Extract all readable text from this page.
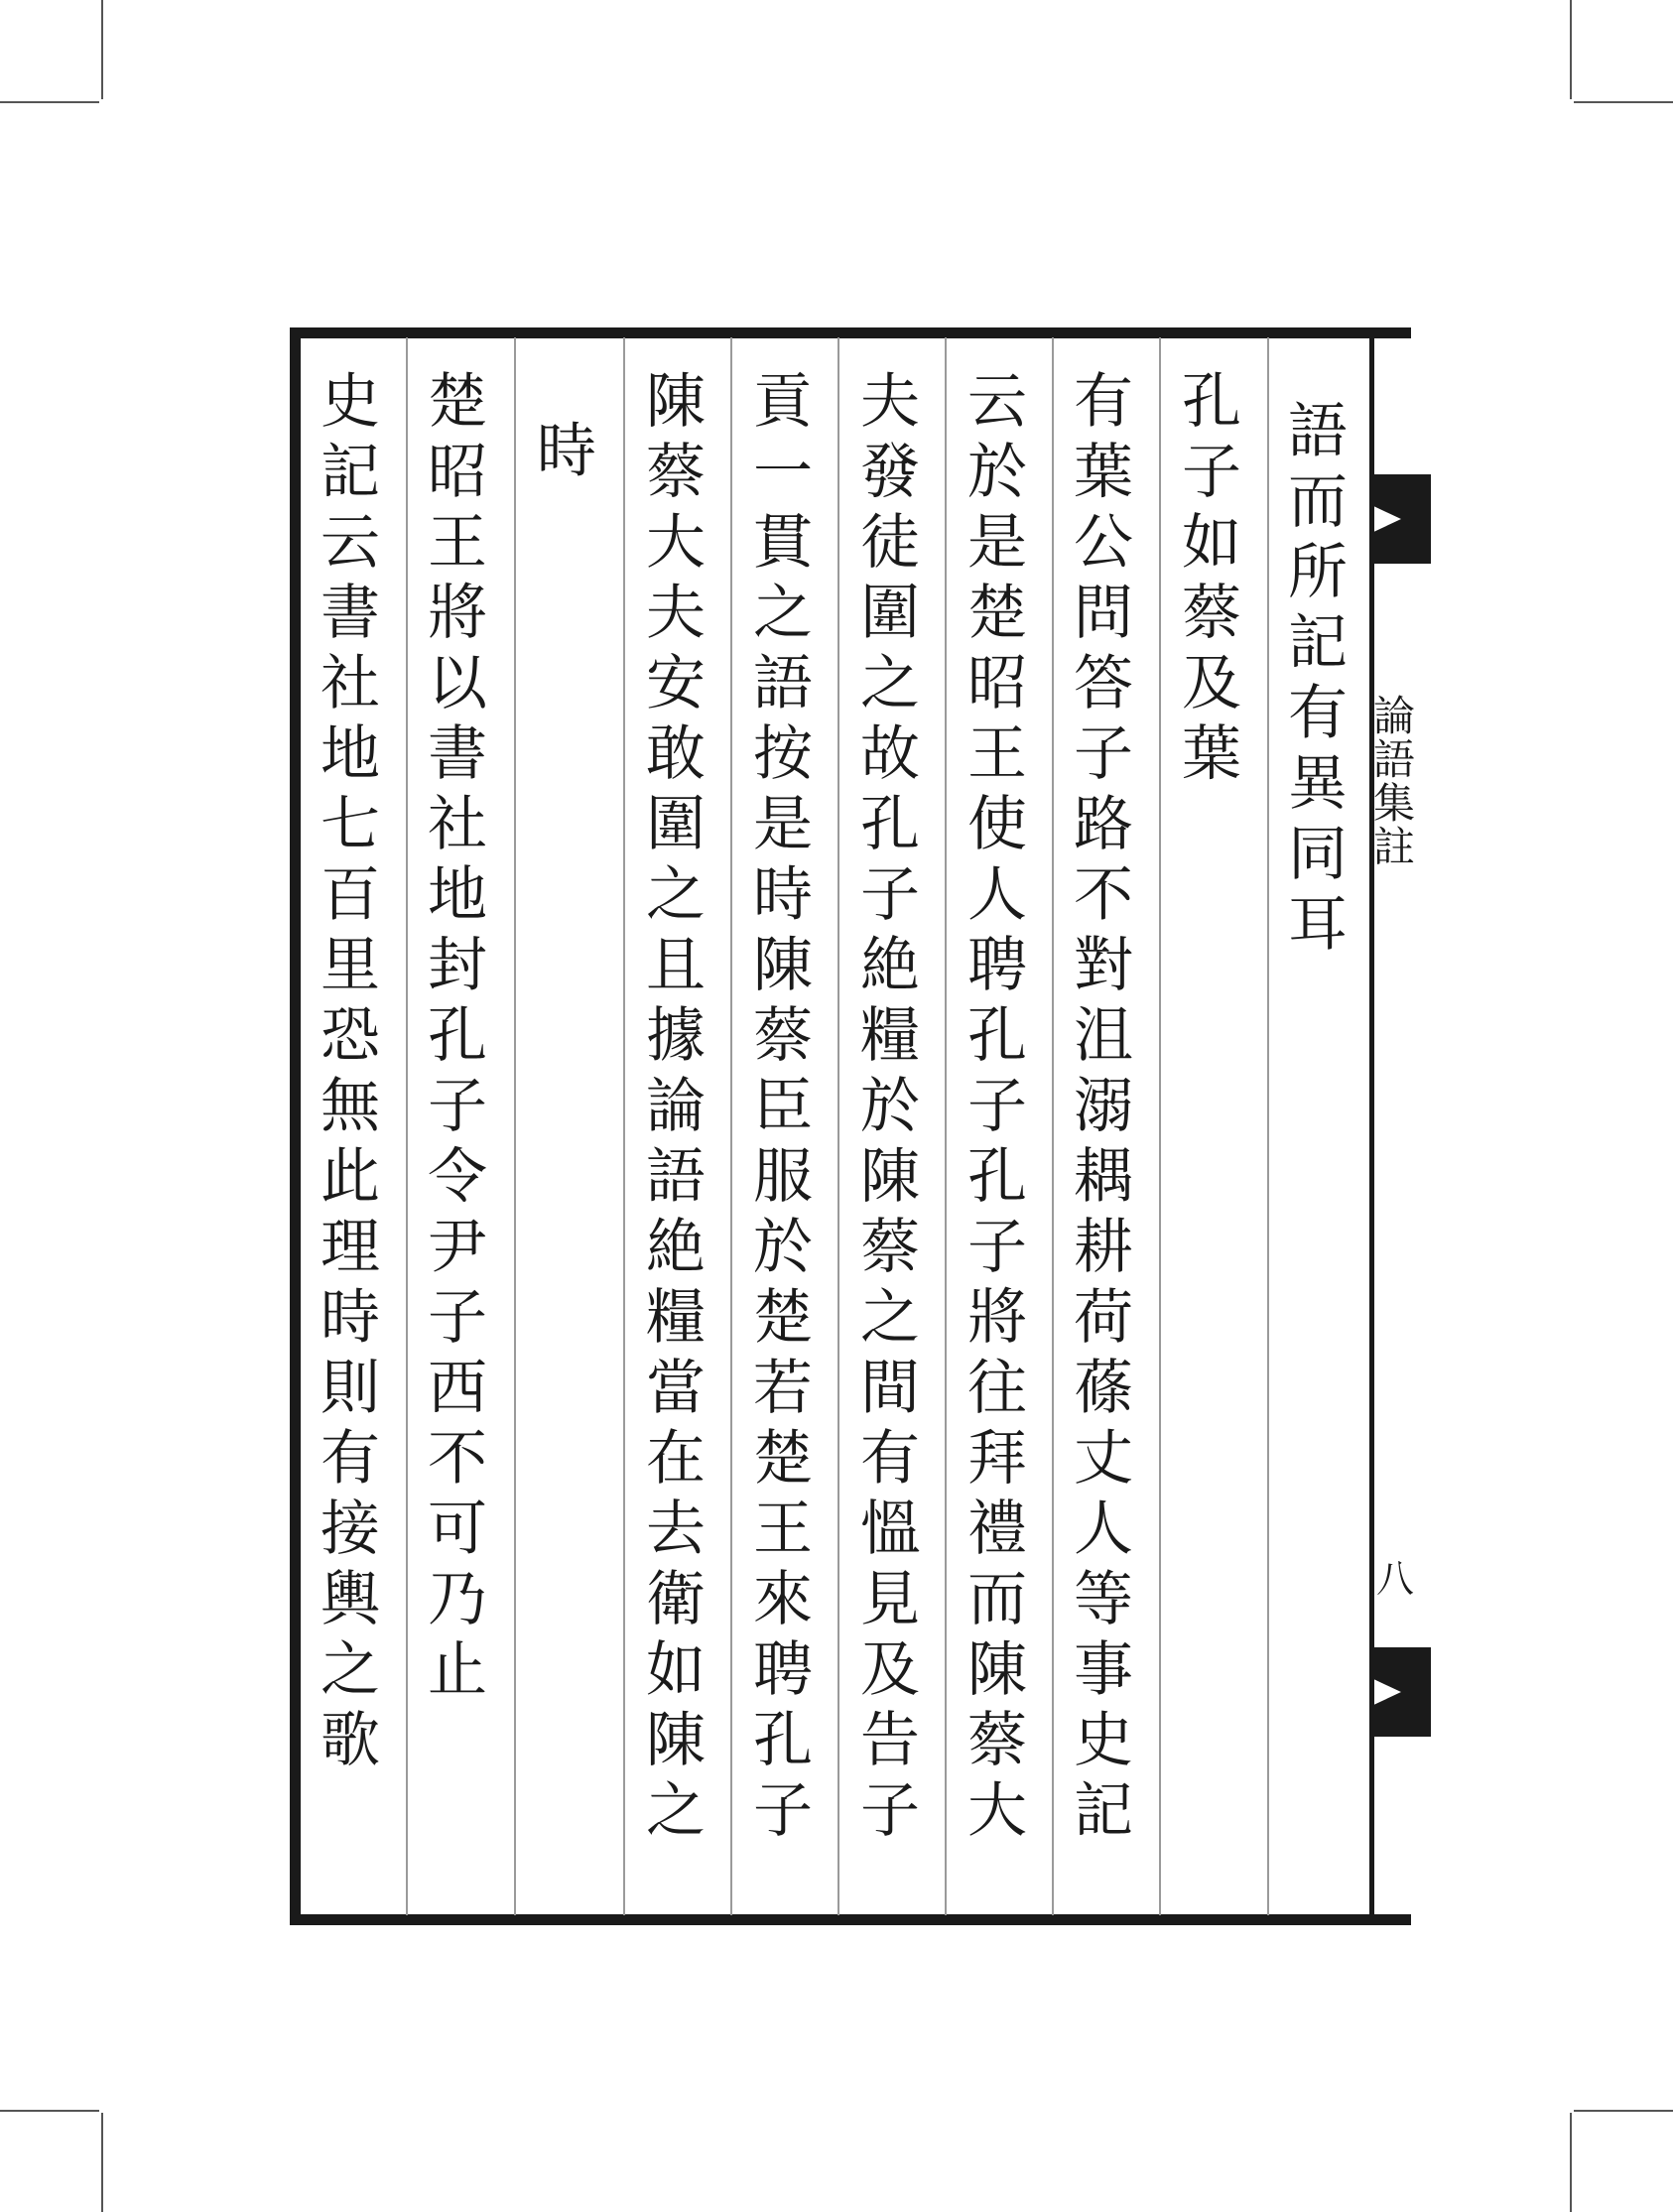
論
語
集
註
八
語
而
所
記
有
異
同
耳
孔
子
如
蔡
及
葉
有
葉
公
問
答
子
路
不
對
沮
溺
耦
耕
荷
蓧
丈
人
等
事
史
記
云
於
是
楚
昭
王
使
人
聘
孔
子
孔
子
將
往
拜
禮
而
陳
蔡
大
夫
發
徒
圍
之
故
孔
子
絶
糧
於
陳
蔡
之
間
有
慍
見
及
告
子
貢
一
貫
之
語
按
是
時
陳
蔡
臣
服
於
楚
若
楚
王
來
聘
孔
子
陳
蔡
大
夫
安
敢
圍
之
且
據
論
語
絶
糧
當
在
去
衛
如
陳
之
時
楚
昭
王
將
以
書
社
地
封
孔
子
令
尹
子
西
不
可
乃
止
史
記
云
書
社
地
七
百
里
恐
無
此
理
時
則
有
接
輿
之
歌
